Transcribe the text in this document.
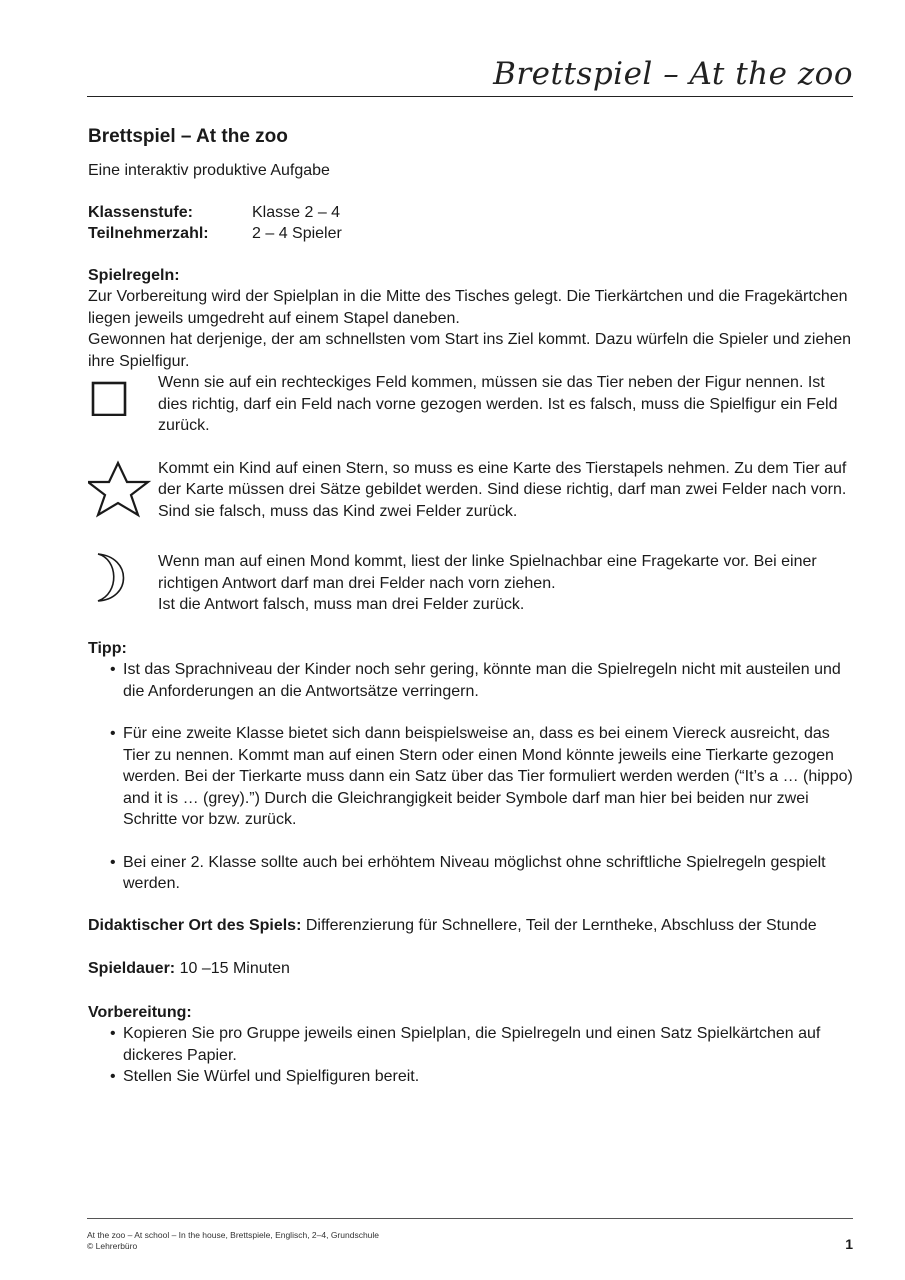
Brettspiel – At the zoo
Brettspiel – At the zoo

Eine interaktiv produktive Aufgabe

Klassenstufe:	Klasse 2 – 4
Teilnehmerzahl:	2 – 4 Spieler
Spielregeln:

Zur Vorbereitung wird der Spielplan in die Mitte des Tisches gelegt. Die Tierkärtchen und die Fragekärtchen liegen jeweils umgedreht auf einem Stapel daneben.

Gewonnen hat derjenige, der am schnellsten vom Start ins Ziel kommt. Dazu würfeln die Spieler und ziehen ihre Spielfigur.

Wenn sie auf ein rechteckiges Feld kommen, müssen sie das Tier neben der Figur nennen. Ist dies richtig, darf ein Feld nach vorne gezogen werden. Ist es falsch, muss die Spielfigur ein Feld zurück.

Kommt ein Kind auf einen Stern, so muss es eine Karte des Tierstapels nehmen. Zu dem Tier auf der Karte müssen drei Sätze gebildet werden. Sind diese richtig, darf man zwei Felder nach vorn. Sind sie falsch, muss das Kind zwei Felder zurück.

Wenn man auf einen Mond kommt, liest der linke Spielnachbar eine Fragekarte vor. Bei einer richtigen Antwort darf man drei Felder nach vorn ziehen.

Ist die Antwort falsch, muss man drei Felder zurück.

Tipp:
• Ist das Sprachniveau der Kinder noch sehr gering, könnte man die Spielregeln nicht mit austeilen und die Anforderungen an die Antwortsätze verringern.
• Für eine zweite Klasse bietet sich dann beispielsweise an, dass es bei einem Viereck ausreicht, das Tier zu nennen. Kommt man auf einen Stern oder einen Mond könnte jeweils eine Tierkarte gezogen werden. Bei der Tierkarte muss dann ein Satz über das Tier formuliert werden werden (“It’s a … (hippo) and it is … (grey).”) Durch die Gleichrangigkeit beider Symbole darf man hier bei beiden nur zwei Schritte vor bzw. zurück.
• Bei einer 2. Klasse sollte auch bei erhöhtem Niveau möglichst ohne schriftliche Spielregeln gespielt werden.

Didaktischer Ort des Spiels: Differenzierung für Schnellere, Teil der Lerntheke, Abschluss der Stunde

Spieldauer: 10 –15 Minuten

Vorbereitung:
• Kopieren Sie pro Gruppe jeweils einen Spielplan, die Spielregeln und einen Satz Spielkärtchen auf dickeres Papier.
• Stellen Sie Würfel und Spielfiguren bereit.
At the zoo – At school – In the house, Brettspiele, Englisch, 2–4, Grundschule
© Lehrerbüro	1
